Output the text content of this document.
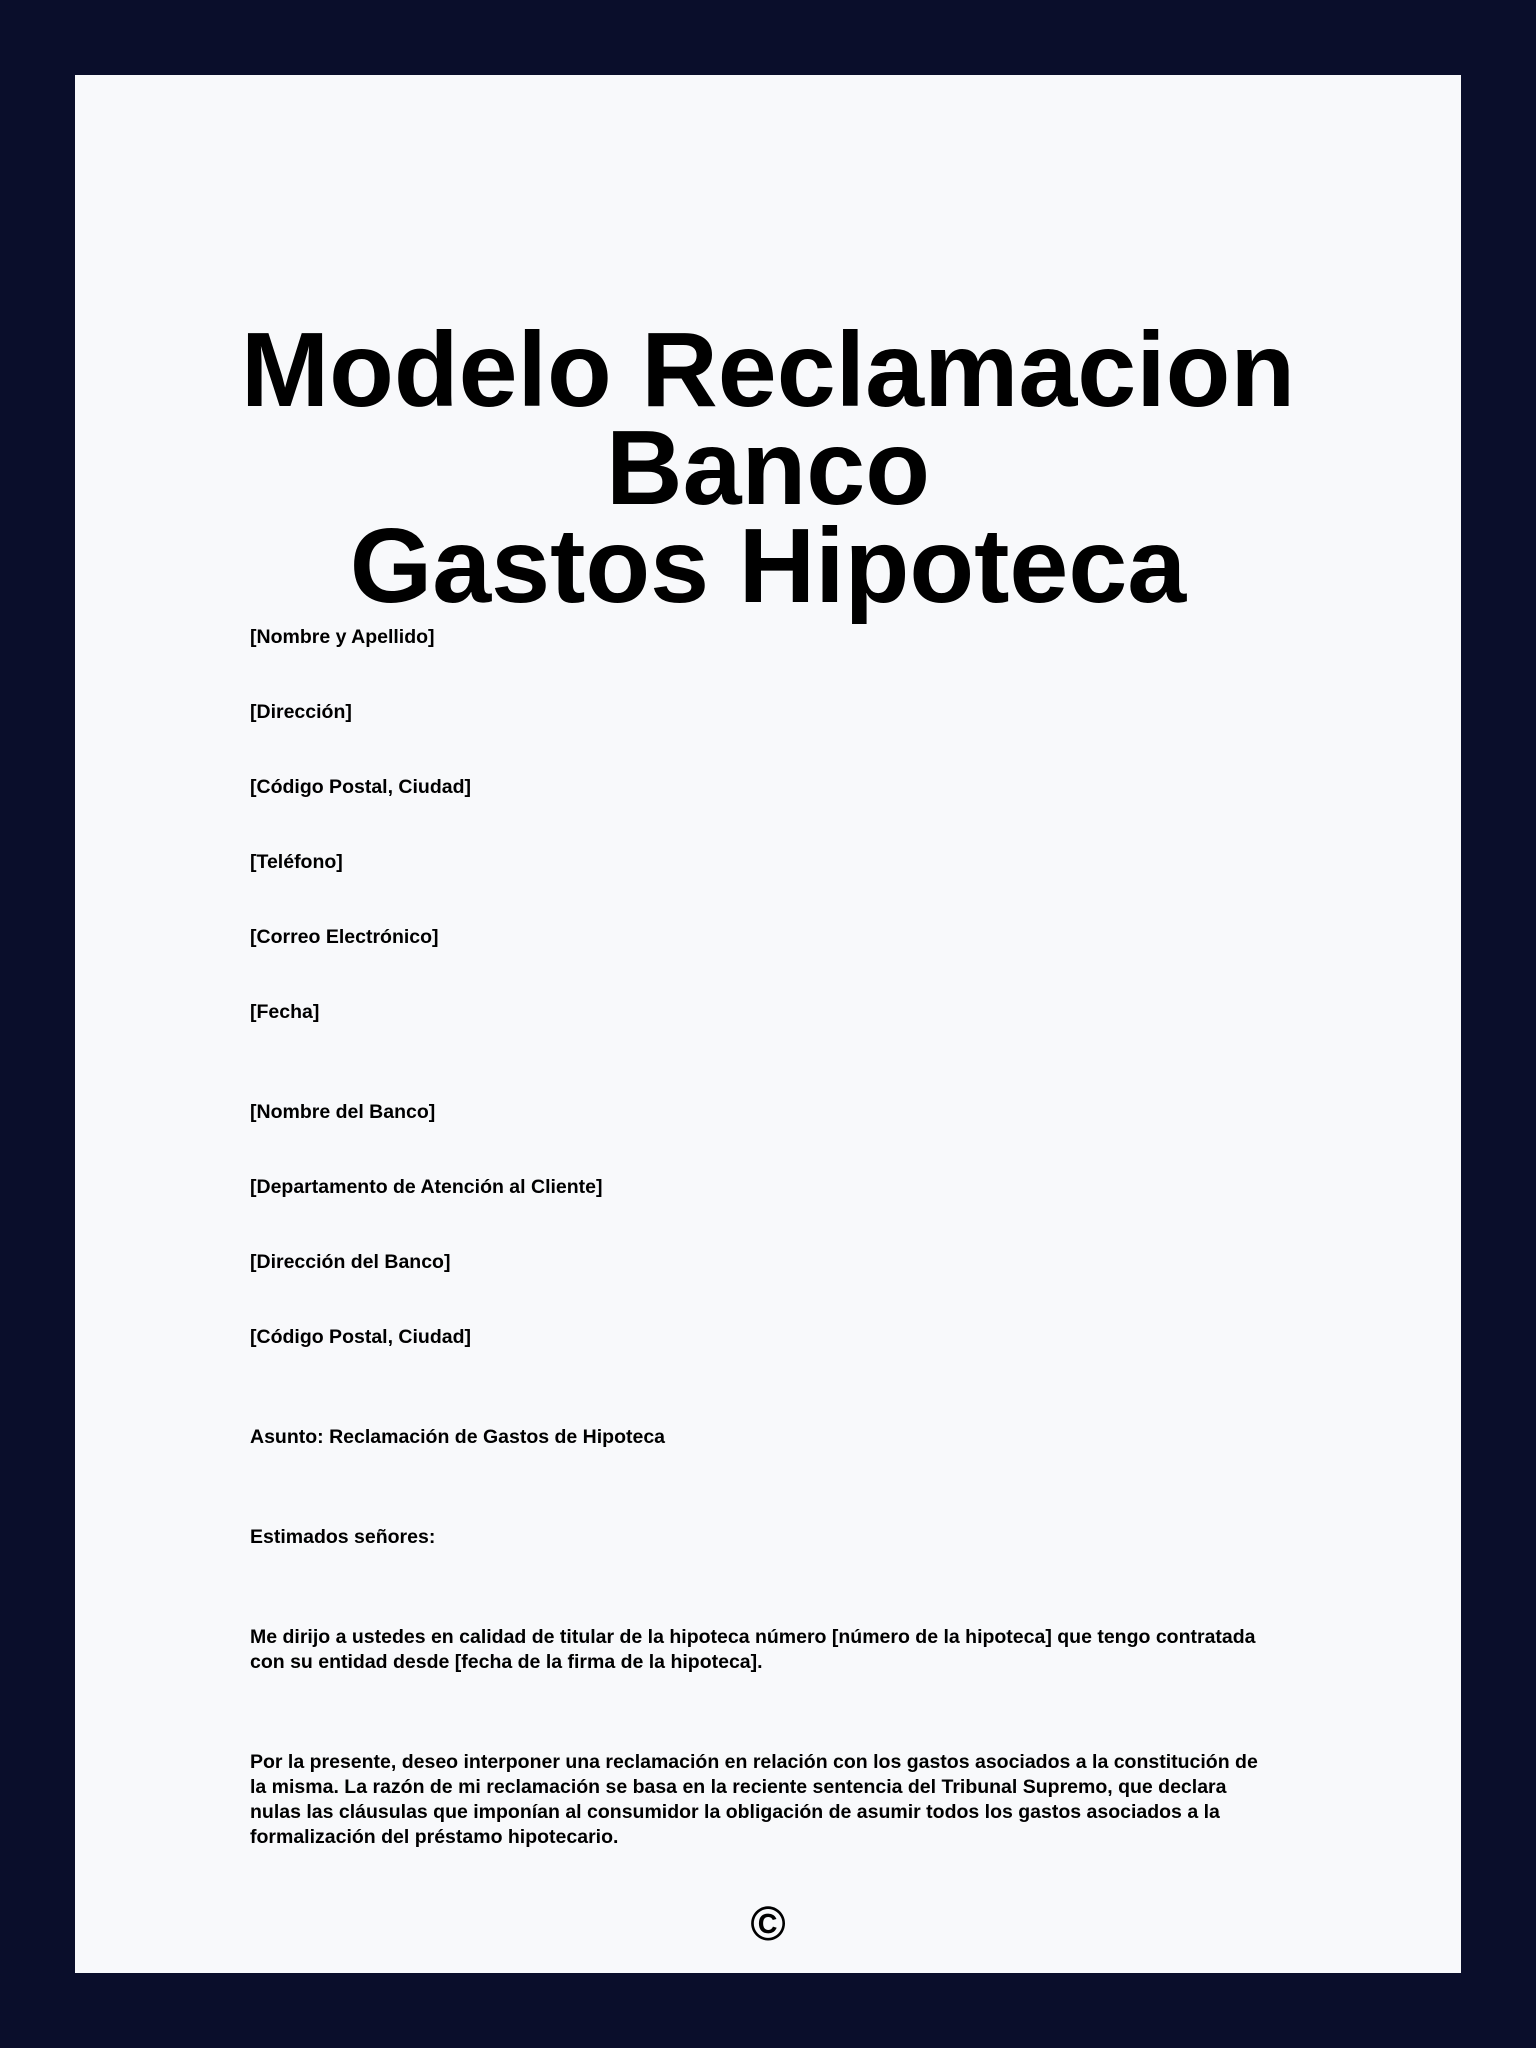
Modelo Reclamacion Banco
Gastos Hipoteca

[Nombre y Apellido]

[Dirección]

[Código Postal, Ciudad]

[Teléfono]

[Correo Electrónico]

[Fecha]

[Nombre del Banco]

[Departamento de Atención al Cliente]

[Dirección del Banco]

[Código Postal, Ciudad]

Asunto: Reclamación de Gastos de Hipoteca

Estimados señores:

Me dirijo a ustedes en calidad de titular de la hipoteca número [número de la hipoteca] que tengo contratada con su entidad desde [fecha de la firma de la hipoteca].

Por la presente, deseo interponer una reclamación en relación con los gastos asociados a la constitución de la misma. La razón de mi reclamación se basa en la reciente sentencia del Tribunal Supremo, que declara nulas las cláusulas que imponían al consumidor la obligación de asumir todos los gastos asociados a la formalización del préstamo hipotecario.

©
